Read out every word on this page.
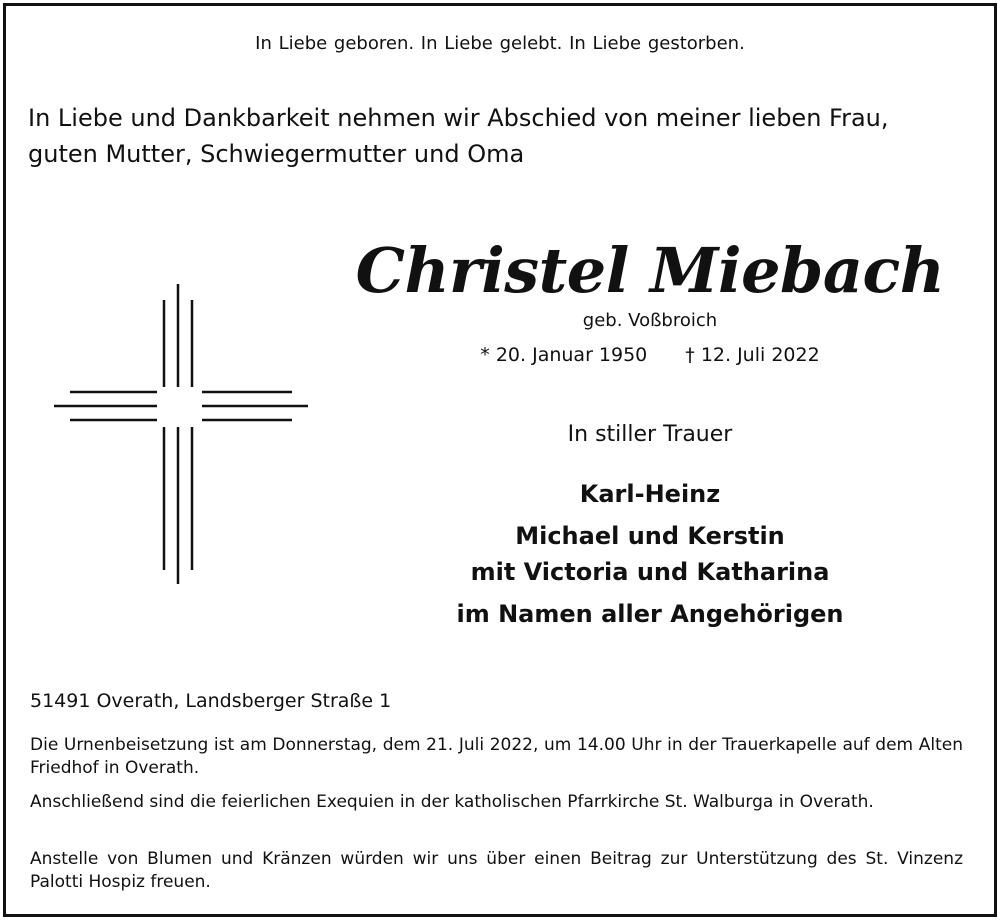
In Liebe geboren. In Liebe gelebt. In Liebe gestorben.
In Liebe und Dankbarkeit nehmen wir Abschied von meiner lieben Frau,
guten Mutter, Schwiegermutter und Oma
Christel Miebach
geb. Voßbroich
* 20. Januar 1950 † 12. Juli 2022
In stiller Trauer
Karl-Heinz
Michael und Kerstin
mit Victoria und Katharina
im Namen aller Angehörigen
51491 Overath, Landsberger Straße 1
Die Urnenbeisetzung ist am Donnerstag, dem 21. Juli 2022, um 14.00 Uhr in der Trauerkapelle auf dem Alten Friedhof in Overath.
Anschließend sind die feierlichen Exequien in der katholischen Pfarrkirche St. Walburga in Overath.
Anstelle von Blumen und Kränzen würden wir uns über einen Beitrag zur Unterstützung des St. Vinzenz Palotti Hospiz freuen.
